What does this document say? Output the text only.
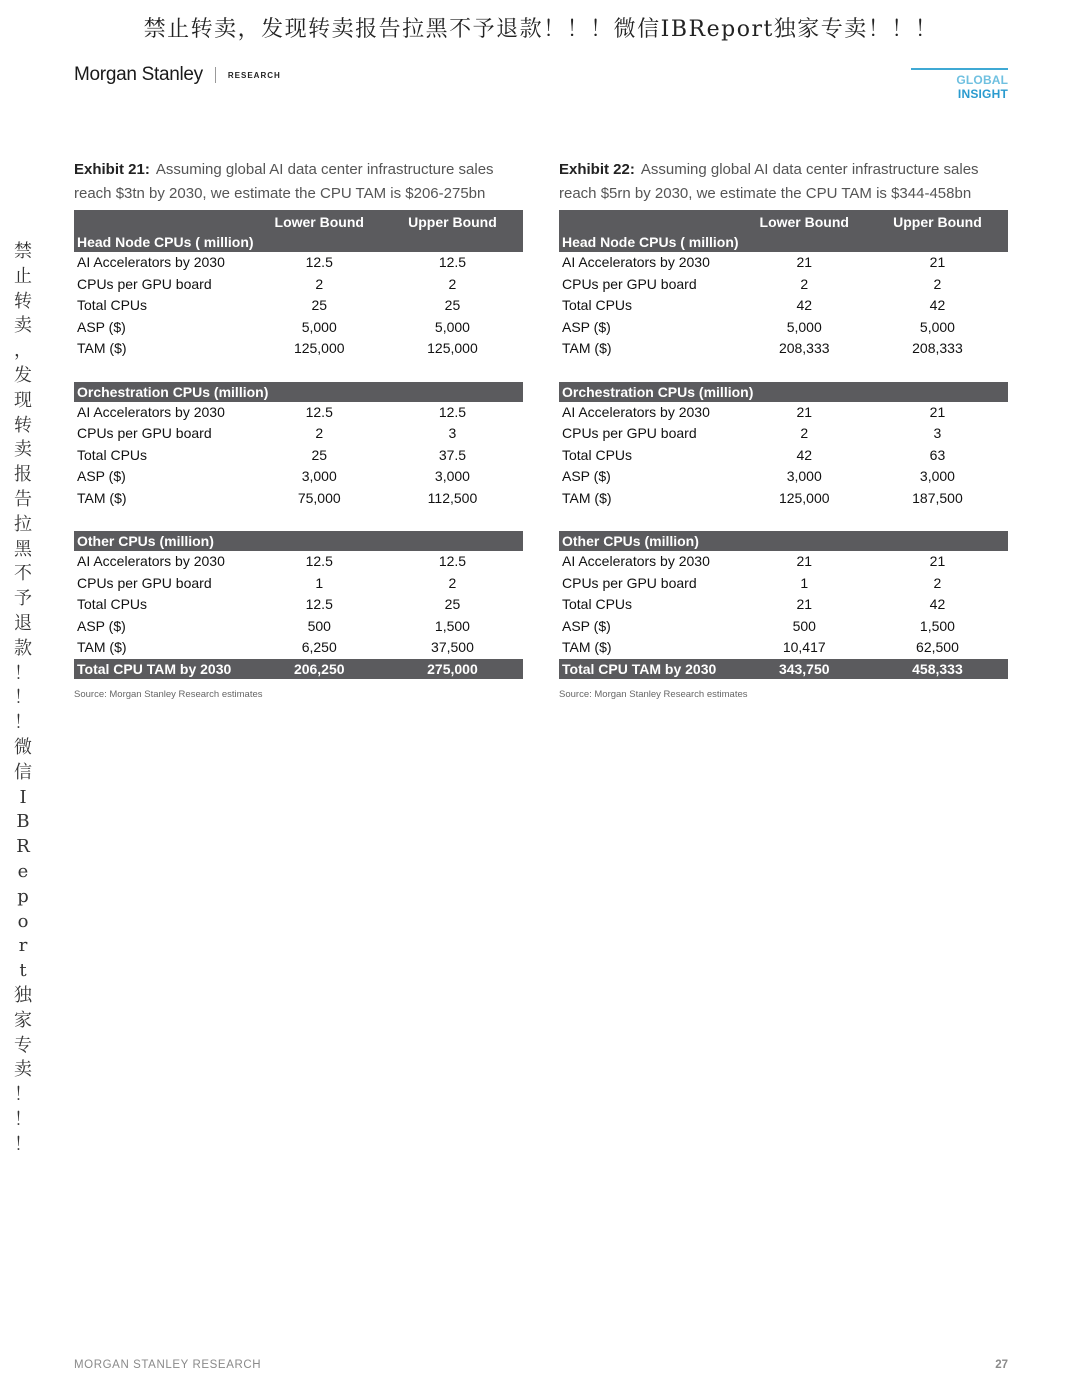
禁止转卖，发现转卖报告拉黑不予退款！！！微信IBReport独家专卖！！！
禁
止
转
卖
，
发
现
转
卖
报
告
拉
黑
不
予
退
款
！
！
！
微
信
I
B
R
e
p
o
r
t
独
家
专
卖
！
！
！
Morgan Stanley	RESEARCH	GLOBAL INSIGHT
Exhibit 21: Assuming global AI data center infrastructure sales reach $3tn by 2030, we estimate the CPU TAM is $206-275bn
	Lower Bound	Upper Bound
Head Node CPUs ( million)		
AI Accelerators by 2030	12.5	12.5
CPUs per GPU board	2	2
Total CPUs	25	25
ASP ($)	5,000	5,000
TAM ($)	125,000	125,000

Orchestration CPUs (million)		
AI Accelerators by 2030	12.5	12.5
CPUs per GPU board	2	3
Total CPUs	25	37.5
ASP ($)	3,000	3,000
TAM ($)	75,000	112,500

Other CPUs (million)		
AI Accelerators by 2030	12.5	12.5
CPUs per GPU board	1	2
Total CPUs	12.5	25
ASP ($)	500	1,500
TAM ($)	6,250	37,500
Total CPU TAM by 2030	206,250	275,000
Source: Morgan Stanley Research estimates
Exhibit 22: Assuming global AI data center infrastructure sales reach $5rn by 2030, we estimate the CPU TAM is $344-458bn
	Lower Bound	Upper Bound
Head Node CPUs ( million)		
AI Accelerators by 2030	21	21
CPUs per GPU board	2	2
Total CPUs	42	42
ASP ($)	5,000	5,000
TAM ($)	208,333	208,333

Orchestration CPUs (million)		
AI Accelerators by 2030	21	21
CPUs per GPU board	2	3
Total CPUs	42	63
ASP ($)	3,000	3,000
TAM ($)	125,000	187,500

Other CPUs (million)		
AI Accelerators by 2030	21	21
CPUs per GPU board	1	2
Total CPUs	21	42
ASP ($)	500	1,500
TAM ($)	10,417	62,500
Total CPU TAM by 2030	343,750	458,333
Source: Morgan Stanley Research estimates
MORGAN STANLEY RESEARCH	27
